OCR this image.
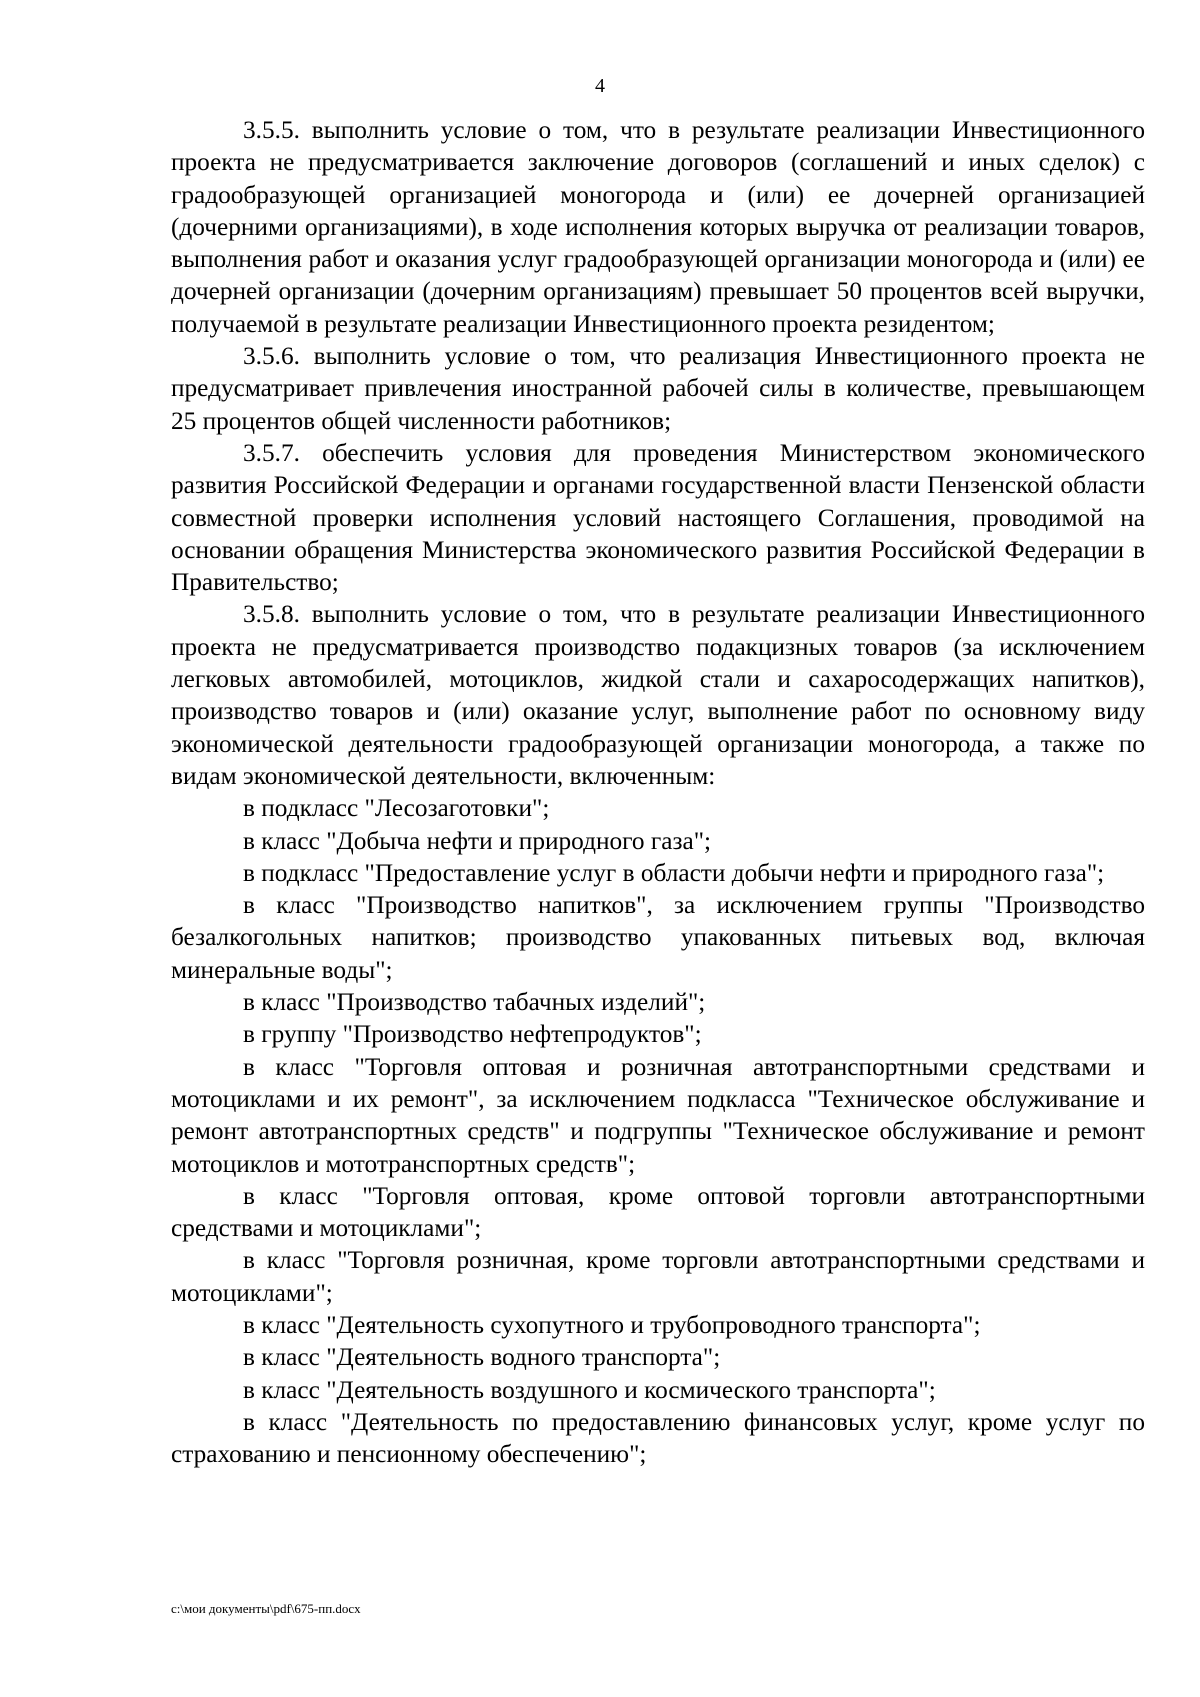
4

3.5.5. выполнить условие о том, что в результате реализации Инвестиционного проекта не предусматривается заключение договоров (соглашений и иных сделок) с градообразующей организацией моногорода и (или) ее дочерней организацией (дочерними организациями), в ходе исполнения которых выручка от реализации товаров, выполнения работ и оказания услуг градообразующей организации моногорода и (или) ее дочерней организации (дочерним организациям) превышает 50 процентов всей выручки, получаемой в результате реализации Инвестиционного проекта резидентом;

3.5.6. выполнить условие о том, что реализация Инвестиционного проекта не предусматривает привлечения иностранной рабочей силы в количестве, превышающем 25 процентов общей численности работников;

3.5.7. обеспечить условия для проведения Министерством экономического развития Российской Федерации и органами государственной власти Пензенской области совместной проверки исполнения условий настоящего Соглашения, проводимой на основании обращения Министерства экономического развития Российской Федерации в Правительство;

3.5.8. выполнить условие о том, что в результате реализации Инвестиционного проекта не предусматривается производство подакцизных товаров (за исключением легковых автомобилей, мотоциклов, жидкой стали и сахаросодержащих напитков), производство товаров и (или) оказание услуг, выполнение работ по основному виду экономической деятельности градообразующей организации моногорода, а также по видам экономической деятельности, включенным:

в подкласс "Лесозаготовки";

в класс "Добыча нефти и природного газа";

в подкласс "Предоставление услуг в области добычи нефти и природного газа";

в класс "Производство напитков", за исключением группы "Производство безалкогольных напитков; производство упакованных питьевых вод, включая минеральные воды";

в класс "Производство табачных изделий";

в группу "Производство нефтепродуктов";

в класс "Торговля оптовая и розничная автотранспортными средствами и мотоциклами и их ремонт", за исключением подкласса "Техническое обслуживание и ремонт автотранспортных средств" и подгруппы "Техническое обслуживание и ремонт мотоциклов и мототранспортных средств";

в класс "Торговля оптовая, кроме оптовой торговли автотранспортными средствами и мотоциклами";

в класс "Торговля розничная, кроме торговли автотранспортными средствами и мотоциклами";

в класс "Деятельность сухопутного и трубопроводного транспорта";

в класс "Деятельность водного транспорта";

в класс "Деятельность воздушного и космического транспорта";

в класс "Деятельность по предоставлению финансовых услуг, кроме услуг по страхованию и пенсионному обеспечению";

c:\мои документы\pdf\675-пп.docx
